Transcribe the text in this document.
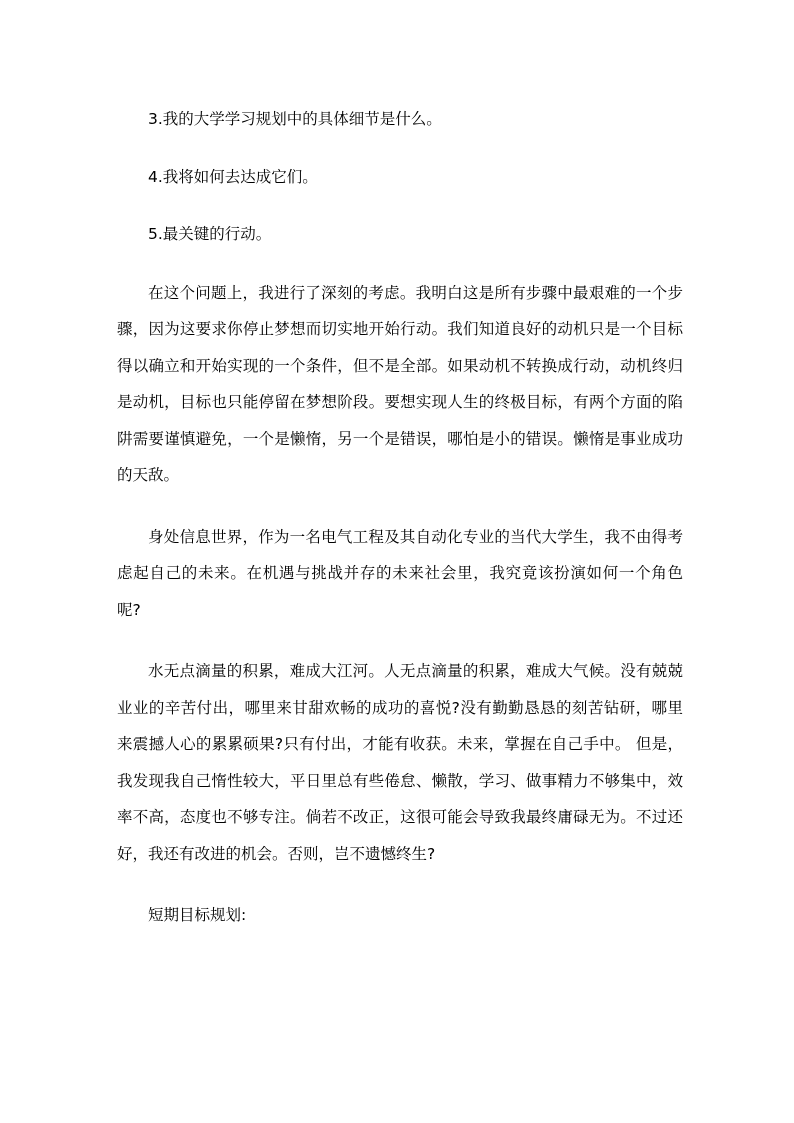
3.我的大学学习规划中的具体细节是什么。

4.我将如何去达成它们。

5.最关键的行动。

在这个问题上，我进行了深刻的考虑。我明白这是所有步骤中最艰难的一个步骤，因为这要求你停止梦想而切实地开始行动。我们知道良好的动机只是一个目标得以确立和开始实现的一个条件，但不是全部。如果动机不转换成行动，动机终归是动机，目标也只能停留在梦想阶段。要想实现人生的终极目标，有两个方面的陷阱需要谨慎避免，一个是懒惰，另一个是错误，哪怕是小的错误。懒惰是事业成功的天敌。

身处信息世界，作为一名电气工程及其自动化专业的当代大学生，我不由得考虑起自己的未来。在机遇与挑战并存的未来社会里，我究竟该扮演如何一个角色呢?

水无点滴量的积累，难成大江河。人无点滴量的积累，难成大气候。没有兢兢业业的辛苦付出，哪里来甘甜欢畅的成功的喜悦?没有勤勤恳恳的刻苦钻研，哪里来震撼人心的累累硕果?只有付出，才能有收获。未来，掌握在自己手中。 但是，我发现我自己惰性较大，平日里总有些倦怠、懒散，学习、做事精力不够集中，效率不高，态度也不够专注。倘若不改正，这很可能会导致我最终庸碌无为。不过还好，我还有改进的机会。否则，岂不遗憾终生?

短期目标规划:
